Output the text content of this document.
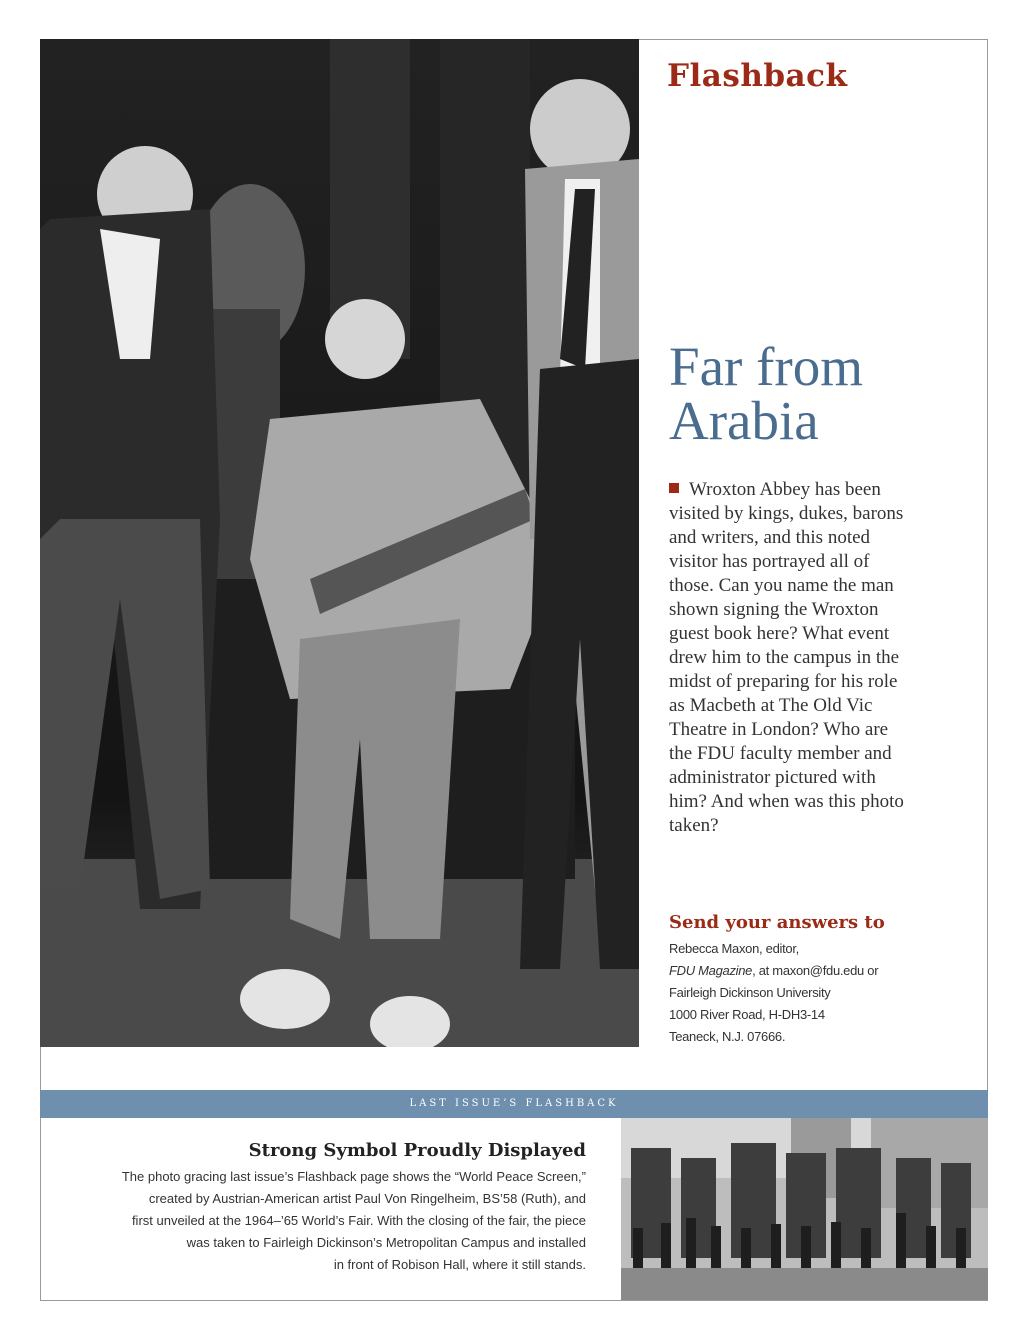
Flashback
Far from Arabia
Wroxton Abbey has been visited by kings, dukes, barons and writers, and this noted visitor has portrayed all of those. Can you name the man shown signing the Wroxton guest book here? What event drew him to the campus in the midst of preparing for his role as Macbeth at The Old Vic Theatre in London? Who are the FDU faculty member and administrator pictured with him? And when was this photo taken?
Send your answers to
Rebecca Maxon, editor,
FDU Magazine, at maxon@fdu.edu or
Fairleigh Dickinson University
1000 River Road, H-DH3-14
Teaneck, N.J. 07666.
LAST ISSUE’S FLASHBACK
Strong Symbol Proudly Displayed
The photo gracing last issue’s Flashback page shows the “World Peace Screen,”
created by Austrian-American artist Paul Von Ringelheim, BS’58 (Ruth), and
first unveiled at the 1964–’65 World’s Fair. With the closing of the fair, the piece
was taken to Fairleigh Dickinson’s Metropolitan Campus and installed
in front of Robison Hall, where it still stands.
